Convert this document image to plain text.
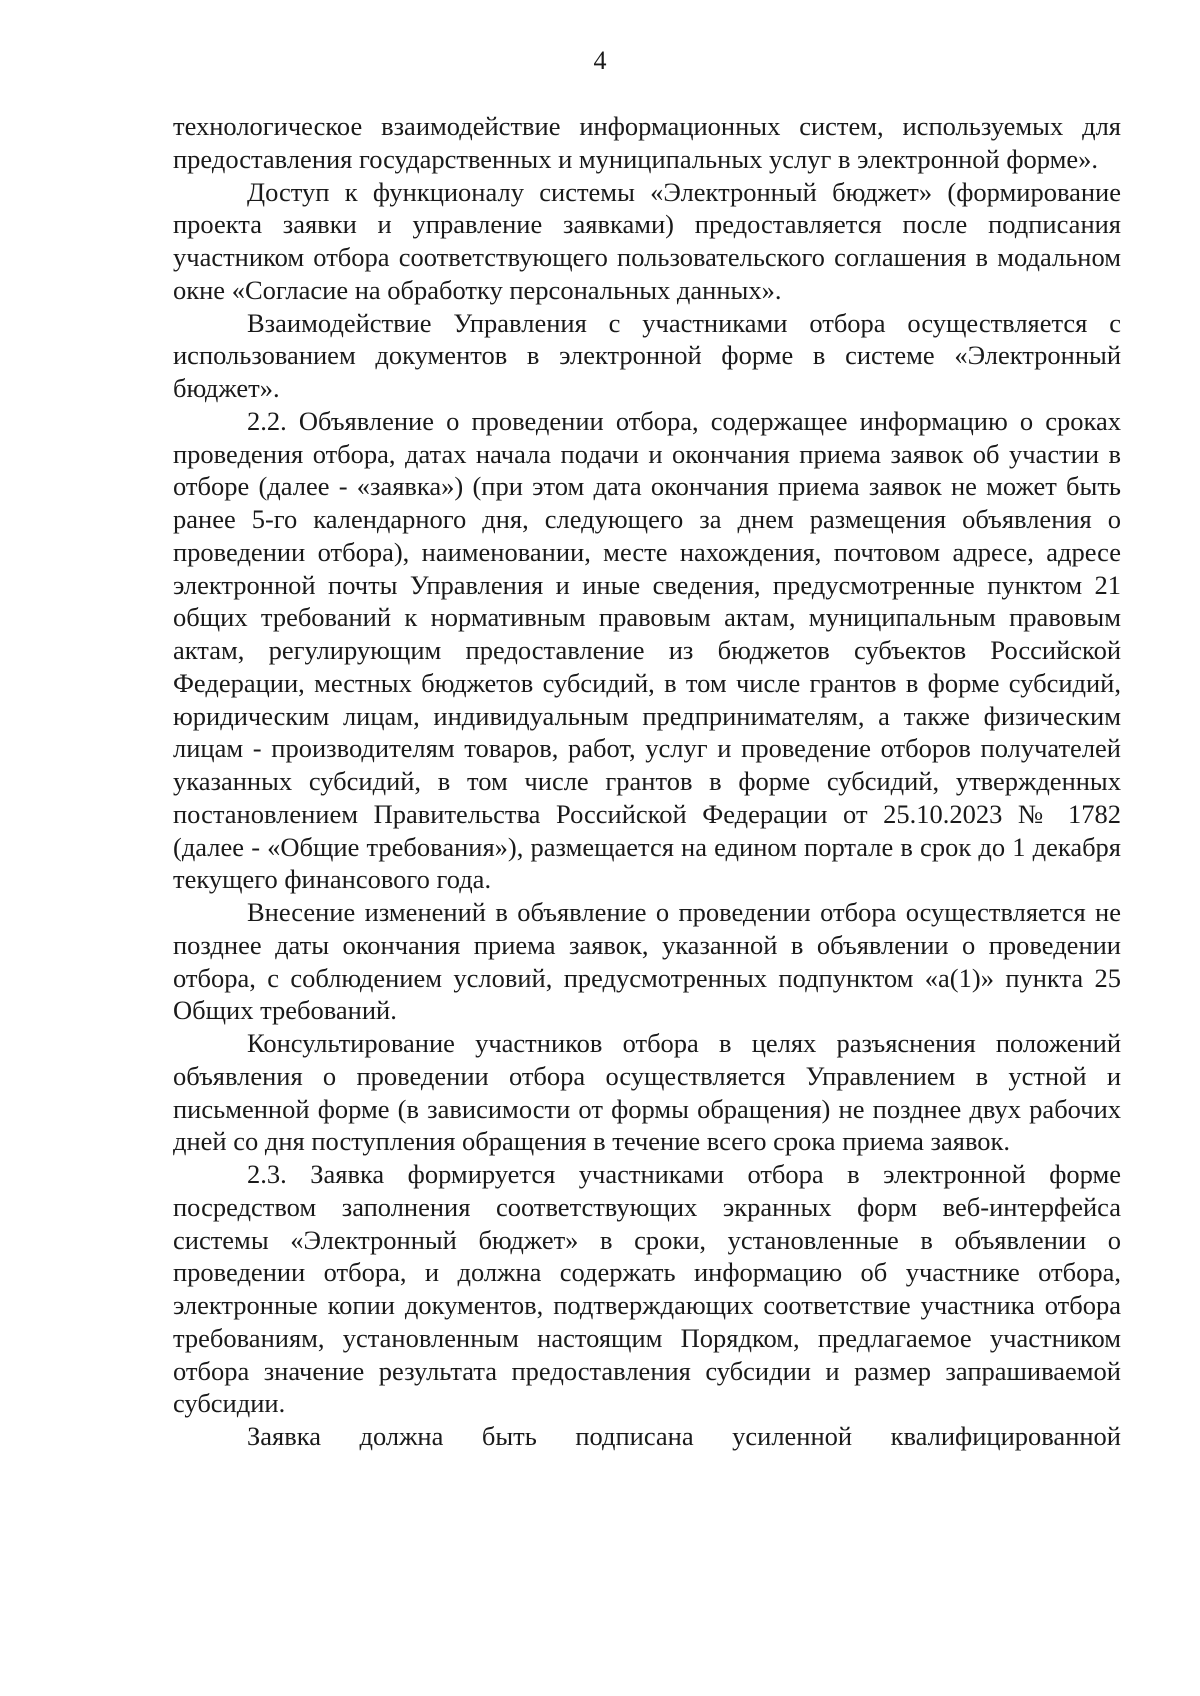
4

технологическое взаимодействие информационных систем, используемых для предоставления государственных и муниципальных услуг в электронной форме».

Доступ к функционалу системы «Электронный бюджет» (формирование проекта заявки и управление заявками) предоставляется после подписания участником отбора соответствующего пользовательского соглашения в модальном окне «Согласие на обработку персональных данных».

Взаимодействие Управления с участниками отбора осуществляется с использованием документов в электронной форме в системе «Электронный бюджет».

2.2. Объявление о проведении отбора, содержащее информацию о сроках проведения отбора, датах начала подачи и окончания приема заявок об участии в отборе (далее - «заявка») (при этом дата окончания приема заявок не может быть ранее 5-го календарного дня, следующего за днем размещения объявления о проведении отбора), наименовании, месте нахождения, почтовом адресе, адресе электронной почты Управления и иные сведения, предусмотренные пунктом 21 общих требований к нормативным правовым актам, муниципальным правовым актам, регулирующим предоставление из бюджетов субъектов Российской Федерации, местных бюджетов субсидий, в том числе грантов в форме субсидий, юридическим лицам, индивидуальным предпринимателям, а также физическим лицам - производителям товаров, работ, услуг и проведение отборов получателей указанных субсидий, в том числе грантов в форме субсидий, утвержденных постановлением Правительства Российской Федерации от 25.10.2023 № 1782 (далее - «Общие требования»), размещается на едином портале в срок до 1 декабря текущего финансового года.

Внесение изменений в объявление о проведении отбора осуществляется не позднее даты окончания приема заявок, указанной в объявлении о проведении отбора, с соблюдением условий, предусмотренных подпунктом «а(1)» пункта 25 Общих требований.

Консультирование участников отбора в целях разъяснения положений объявления о проведении отбора осуществляется Управлением в устной и письменной форме (в зависимости от формы обращения) не позднее двух рабочих дней со дня поступления обращения в течение всего срока приема заявок.

2.3. Заявка формируется участниками отбора в электронной форме посредством заполнения соответствующих экранных форм веб-интерфейса системы «Электронный бюджет» в сроки, установленные в объявлении о проведении отбора, и должна содержать информацию об участнике отбора, электронные копии документов, подтверждающих соответствие участника отбора требованиям, установленным настоящим Порядком, предлагаемое участником отбора значение результата предоставления субсидии и размер запрашиваемой субсидии.

Заявка должна быть подписана усиленной квалифицированной
